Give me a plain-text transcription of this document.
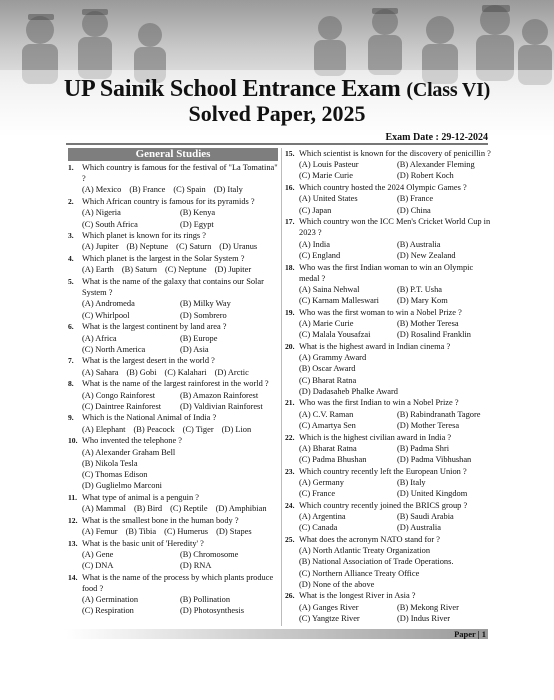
UP Sainik School Entrance Exam (Class VI)
Solved Paper, 2025
Exam Date : 29-12-2024
General Studies
1. Which country is famous for the festival of "La Tomatina" ?
(A) Mexico (B) France (C) Spain (D) Italy
2. Which African country is famous for its pyramids ?
(A) Nigeria	(B) Kenya
(C) South Africa	(D) Egypt
3. Which planet is known for its rings ?
(A) Jupiter (B) Neptune (C) Saturn (D) Uranus
4. Which planet is the largest in the Solar System ?
(A) Earth (B) Saturn (C) Neptune (D) Jupiter
5. What is the name of the galaxy that contains our Solar System ?
(A) Andromeda	(B) Milky Way
(C) Whirlpool	(D) Sombrero
6. What is the largest continent by land area ?
(A) Africa	(B) Europe
(C) North America	(D) Asia
7. What is the largest desert in the world ?
(A) Sahara (B) Gobi (C) Kalahari (D) Arctic
8. What is the name of the largest rainforest in the world ?
(A) Congo Rainforest	(B) Amazon Rainforest
(C) Daintree Rainforest	(D) Valdivian Rainforest
9. Which is the National Animal of India ?
(A) Elephant (B) Peacock (C) Tiger (D) Lion
10. Who invented the telephone ?
(A) Alexander Graham Bell
(B) Nikola Tesla
(C) Thomas Edison
(D) Guglielmo Marconi
11. What type of animal is a penguin ?
(A) Mammal (B) Bird (C) Reptile (D) Amphibian
12. What is the smallest bone in the human body ?
(A) Femur (B) Tibia (C) Humerus (D) Stapes
13. What is the basic unit of 'Heredity' ?
(A) Gene	(B) Chromosome
(C) DNA	(D) RNA
14. What is the name of the process by which plants produce food ?
(A) Germination	(B) Pollination
(C) Respiration	(D) Photosynthesis
15. Which scientist is known for the discovery of penicillin ?
(A) Louis Pasteur	(B) Alexander Fleming
(C) Marie Curie	(D) Robert Koch
16. Which country hosted the 2024 Olympic Games ?
(A) United States	(B) France
(C) Japan	(D) China
17. Which country won the ICC Men's Cricket World Cup in 2023 ?
(A) India	(B) Australia
(C) England	(D) New Zealand
18. Who was the first Indian woman to win an Olympic medal ?
(A) Saina Nehwal	(B) P.T. Usha
(C) Karnam Malleswari	(D) Mary Kom
19. Who was the first woman to win a Nobel Prize ?
(A) Marie Curie	(B) Mother Teresa
(C) Malala Yousafzai	(D) Rosalind Franklin
20. What is the highest award in Indian cinema ?
(A) Grammy Award
(B) Oscar Award
(C) Bharat Ratna
(D) Dadasaheb Phalke Award
21. Who was the first Indian to win a Nobel Prize ?
(A) C.V. Raman	(B) Rabindranath Tagore
(C) Amartya Sen	(D) Mother Teresa
22. Which is the highest civilian award in India ?
(A) Bharat Ratna	(B) Padma Shri
(C) Padma Bhushan	(D) Padma Vibhushan
23. Which country recently left the European Union ?
(A) Germany	(B) Italy
(C) France	(D) United Kingdom
24. Which country recently joined the BRICS group ?
(A) Argentina	(B) Saudi Arabia
(C) Canada	(D) Australia
25. What does the acronym NATO stand for ?
(A) North Atlantic Treaty Organization
(B) National Association of Trade Operations.
(C) Northern Alliance Treaty Office
(D) None of the above
26. What is the longest River in Asia ?
(A) Ganges River	(B) Mekong River
(C) Yangtze River	(D) Indus River
Paper | 1
